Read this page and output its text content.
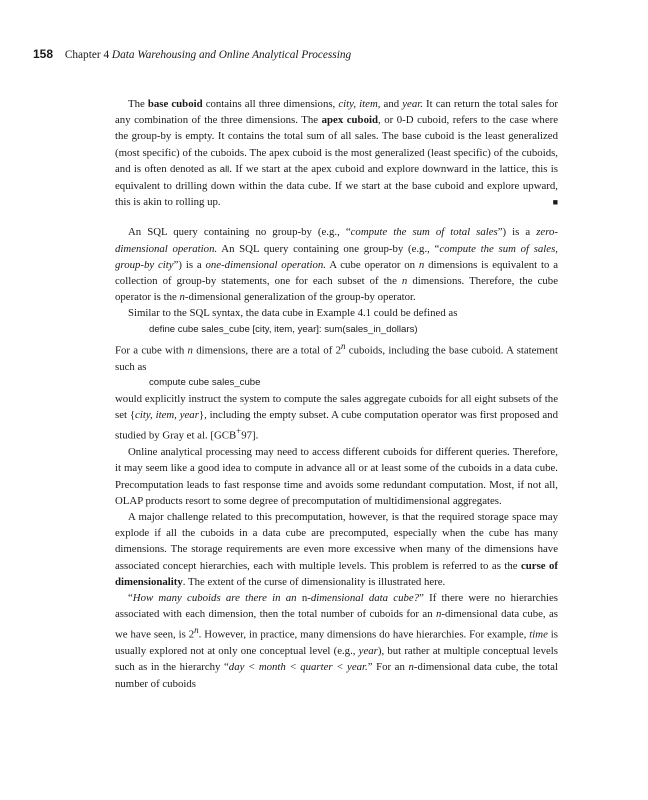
158 Chapter 4 Data Warehousing and Online Analytical Processing

The base cuboid contains all three dimensions, city, item, and year. It can return the total sales for any combination of the three dimensions. The apex cuboid, or 0-D cuboid, refers to the case where the group-by is empty. It contains the total sum of all sales. The base cuboid is the least generalized (most specific) of the cuboids. The apex cuboid is the most generalized (least specific) of the cuboids, and is often denoted as all. If we start at the apex cuboid and explore downward in the lattice, this is equivalent to drilling down within the data cube. If we start at the base cuboid and explore upward, this is akin to rolling up.	■

An SQL query containing no group-by (e.g., “compute the sum of total sales”) is a zero-dimensional operation. An SQL query containing one group-by (e.g., “compute the sum of sales, group-by city”) is a one-dimensional operation. A cube operator on n dimensions is equivalent to a collection of group-by statements, one for each subset of the n dimensions. Therefore, the cube operator is the n-dimensional generalization of the group-by operator.

Similar to the SQL syntax, the data cube in Example 4.1 could be defined as

define cube sales_cube [city, item, year]: sum(sales_in_dollars)

For a cube with n dimensions, there are a total of 2$^n$ cuboids, including the base cuboid. A statement such as

compute cube sales_cube

would explicitly instruct the system to compute the sales aggregate cuboids for all eight subsets of the set {city, item, year}, including the empty subset. A cube computation operator was first proposed and studied by Gray et al. [GCB+97].

Online analytical processing may need to access different cuboids for different queries. Therefore, it may seem like a good idea to compute in advance all or at least some of the cuboids in a data cube. Precomputation leads to fast response time and avoids some redundant computation. Most, if not all, OLAP products resort to some degree of precomputation of multidimensional aggregates.

A major challenge related to this precomputation, however, is that the required storage space may explode if all the cuboids in a data cube are precomputed, especially when the cube has many dimensions. The storage requirements are even more excessive when many of the dimensions have associated concept hierarchies, each with multiple levels. This problem is referred to as the curse of dimensionality. The extent of the curse of dimensionality is illustrated here.

“How many cuboids are there in an n-dimensional data cube?” If there were no hierarchies associated with each dimension, then the total number of cuboids for an n-dimensional data cube, as we have seen, is 2$^n$. However, in practice, many dimensions do have hierarchies. For example, time is usually explored not at only one conceptual level (e.g., year), but rather at multiple conceptual levels such as in the hierarchy “day < month < quarter < year.” For an n-dimensional data cube, the total number of cuboids
